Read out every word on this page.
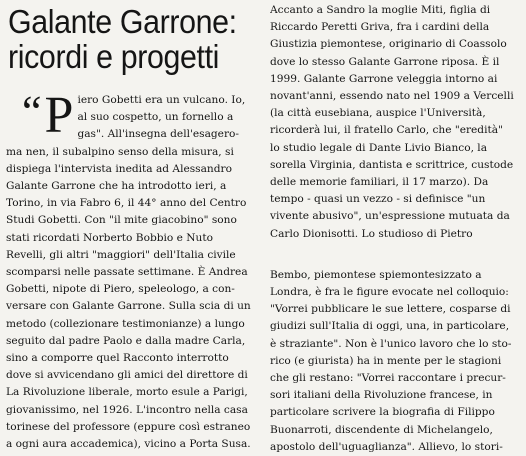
Galante Garrone:
ricordi e progetti
“ P iero Gobetti era un vulcano. Io,
al suo cospetto, un fornello a
gas". All'insegna dell'esagero-
ma nen, il subalpino senso della misura, si
dispiega l'intervista inedita ad Alessandro
Galante Garrone che ha introdotto ieri, a
Torino, in via Fabro 6, il 44° anno del Centro
Studi Gobetti. Con "il mite giacobino" sono
stati ricordati Norberto Bobbio e Nuto
Revelli, gli altri "maggiori" dell'Italia civile
scomparsi nelle passate settimane. È Andrea
Gobetti, nipote di Piero, speleologo, a con-
versare con Galante Garrone. Sulla scia di un
metodo (collezionare testimonianze) a lungo
seguito dal padre Paolo e dalla madre Carla,
sino a comporre quel Racconto interrotto
dove si avvicendano gli amici del direttore di
La Rivoluzione liberale, morto esule a Parigi,
giovanissimo, nel 1926. L'incontro nella casa
torinese del professore (eppure così estraneo
a ogni aura accademica), vicino a Porta Susa.
Accanto a Sandro la moglie Miti, figlia di
Riccardo Peretti Griva, fra i cardini della
Giustizia piemontese, originario di Coassolo
dove lo stesso Galante Garrone riposa. È il
1999. Galante Garrone veleggia intorno ai
novant'anni, essendo nato nel 1909 a Vercelli
(la città eusebiana, auspice l'Università,
ricorderà lui, il fratello Carlo, che "eredità"
lo studio legale di Dante Livio Bianco, la
sorella Virginia, dantista e scrittrice, custode
delle memorie familiari, il 17 marzo). Da
tempo - quasi un vezzo - si definisce "un
vivente abusivo", un'espressione mutuata da
Carlo Dionisotti. Lo studioso di Pietro
Bembo, piemontese spiemontesizzato a
Londra, è fra le figure evocate nel colloquio:
"Vorrei pubblicare le sue lettere, cosparse di
giudizi sull'Italia di oggi, una, in particolare,
è straziante". Non è l'unico lavoro che lo sto-
rico (e giurista) ha in mente per le stagioni
che gli restano: "Vorrei raccontare i precur-
sori italiani della Rivoluzione francese, in
particolare scrivere la biografia di Filippo
Buonarroti, discendente di Michelangelo,
apostolo dell'uguaglianza". Allievo, lo stori-
